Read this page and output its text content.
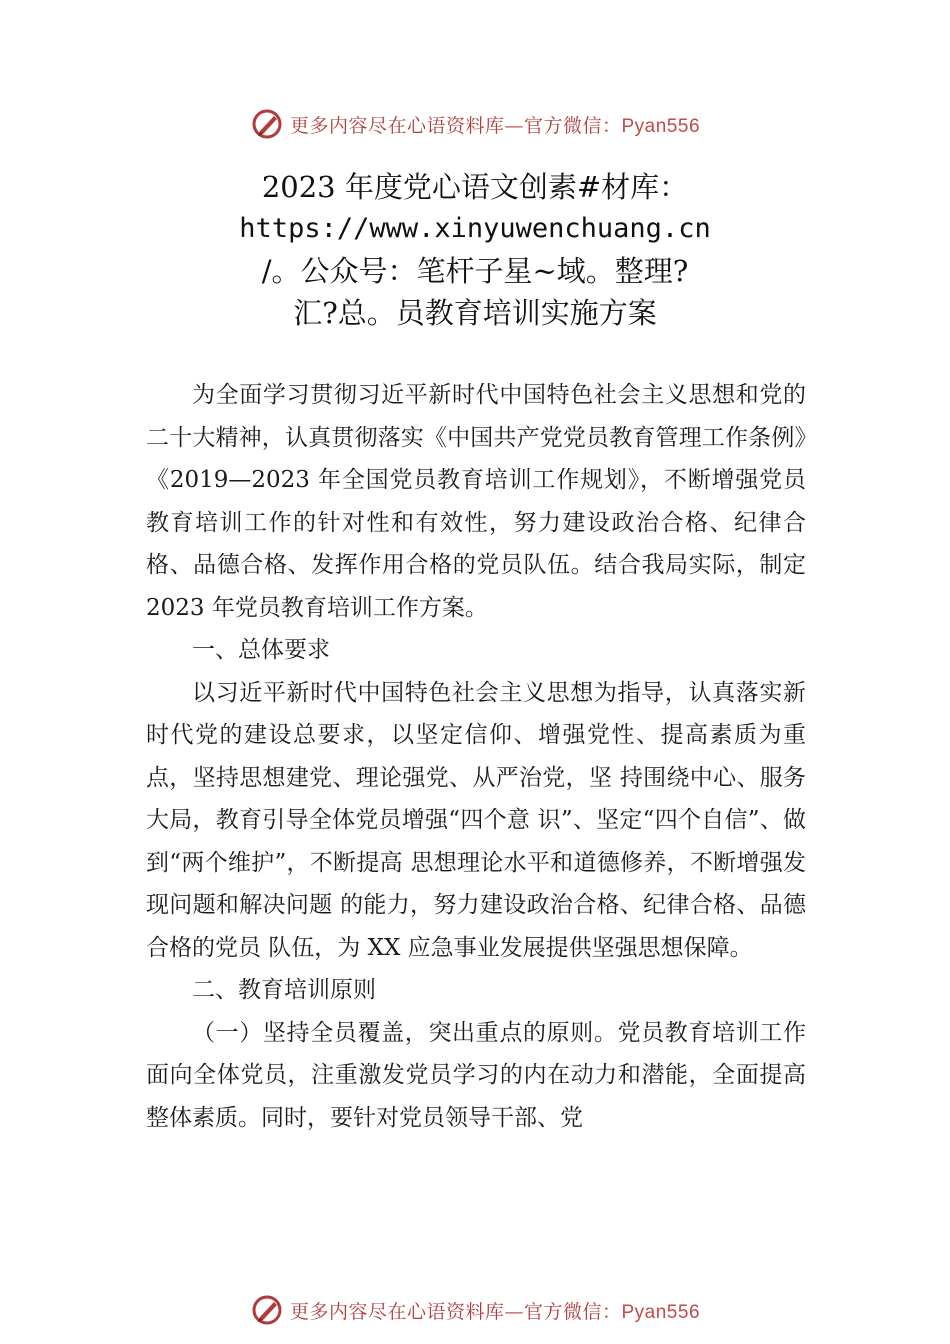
更多内容尽在心语资料库—官方微信：Pyan556
2023 年度党心语文创素#材库：
https://www.xinyuwenchuang.cn
/。公众号：笔杆子星~域。整理?
汇?总。员教育培训实施方案

为全面学习贯彻习近平新时代中国特色社会主义思想和党的二十大精神，认真贯彻落实《中国共产党党员教育管理工作条例》《2019—2023 年全国党员教育培训工作规划》，不断增强党员教育培训工作的针对性和有效性，努力建设政治合格、纪律合格、品德合格、发挥作用合格的党员队伍。结合我局实际，制定 2023 年党员教育培训工作方案。

一、总体要求

以习近平新时代中国特色社会主义思想为指导，认真落实新时代党的建设总要求，以坚定信仰、增强党性、提高素质为重点，坚持思想建党、理论强党、从严治党，坚 持围绕中心、服务大局，教育引导全体党员增强“四个意 识”、坚定“四个自信”、做到“两个维护”，不断提高 思想理论水平和道德修养，不断增强发现问题和解决问题 的能力，努力建设政治合格、纪律合格、品德合格的党员 队伍，为 XX 应急事业发展提供坚强思想保障。

二、教育培训原则

（一）坚持全员覆盖，突出重点的原则。党员教育培训工作面向全体党员，注重激发党员学习的内在动力和潜能，全面提高整体素质。同时，要针对党员领导干部、党

更多内容尽在心语资料库—官方微信：Pyan556
